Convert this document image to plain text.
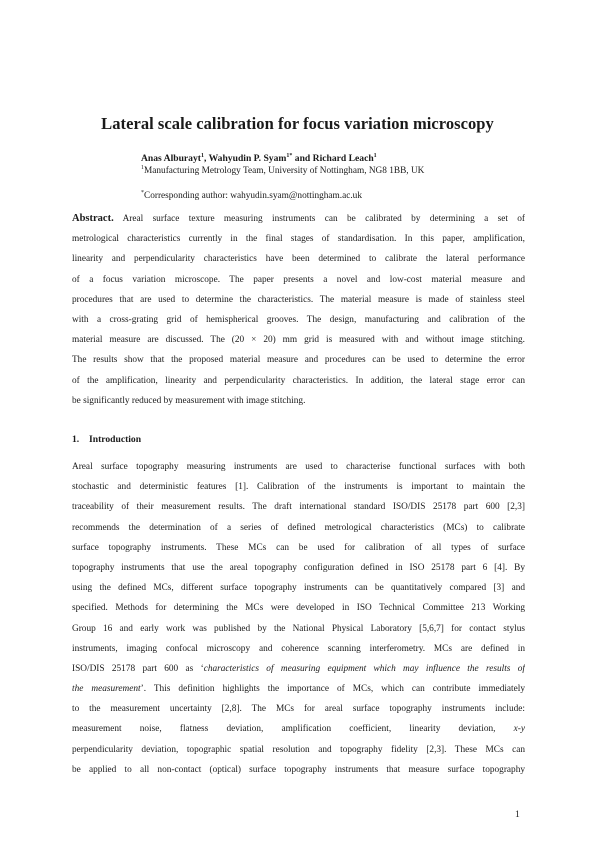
Lateral scale calibration for focus variation microscopy
Anas Alburayt$^1$, Wahyudin P. Syam$^{1*}$ and Richard Leach$^1$
$^1$Manufacturing Metrology Team, University of Nottingham, NG8 1BB, UK
*Corresponding author: wahyudin.syam@nottingham.ac.uk
Abstract. Areal surface texture measuring instruments can be calibrated by determining a set of
metrological characteristics currently in the final stages of standardisation. In this paper, amplification,
linearity and perpendicularity characteristics have been determined to calibrate the lateral performance
of a focus variation microscope. The paper presents a novel and low-cost material measure and
procedures that are used to determine the characteristics. The material measure is made of stainless steel
with a cross-grating grid of hemispherical grooves. The design, manufacturing and calibration of the
material measure are discussed. The (20 × 20) mm grid is measured with and without image stitching.
The results show that the proposed material measure and procedures can be used to determine the error
of the amplification, linearity and perpendicularity characteristics. In addition, the lateral stage error can
be significantly reduced by measurement with image stitching.
1. Introduction
Areal surface topography measuring instruments are used to characterise functional surfaces with both
stochastic and deterministic features [1]. Calibration of the instruments is important to maintain the
traceability of their measurement results. The draft international standard ISO/DIS 25178 part 600 [2,3]
recommends the determination of a series of defined metrological characteristics (MCs) to calibrate
surface topography instruments. These MCs can be used for calibration of all types of surface
topography instruments that use the areal topography configuration defined in ISO 25178 part 6 [4]. By
using the defined MCs, different surface topography instruments can be quantitatively compared [3] and
specified. Methods for determining the MCs were developed in ISO Technical Committee 213 Working
Group 16 and early work was published by the National Physical Laboratory [5,6,7] for contact stylus
instruments, imaging confocal microscopy and coherence scanning interferometry. MCs are defined in
ISO/DIS 25178 part 600 as ‘characteristics of measuring equipment which may influence the results of
the measurement’. This definition highlights the importance of MCs, which can contribute immediately
to the measurement uncertainty [2,8]. The MCs for areal surface topography instruments include:
measurement noise, flatness deviation, amplification coefficient, linearity deviation, x-y
perpendicularity deviation, topographic spatial resolution and topography fidelity [2,3]. These MCs can
be applied to all non-contact (optical) surface topography instruments that measure surface topography
1
